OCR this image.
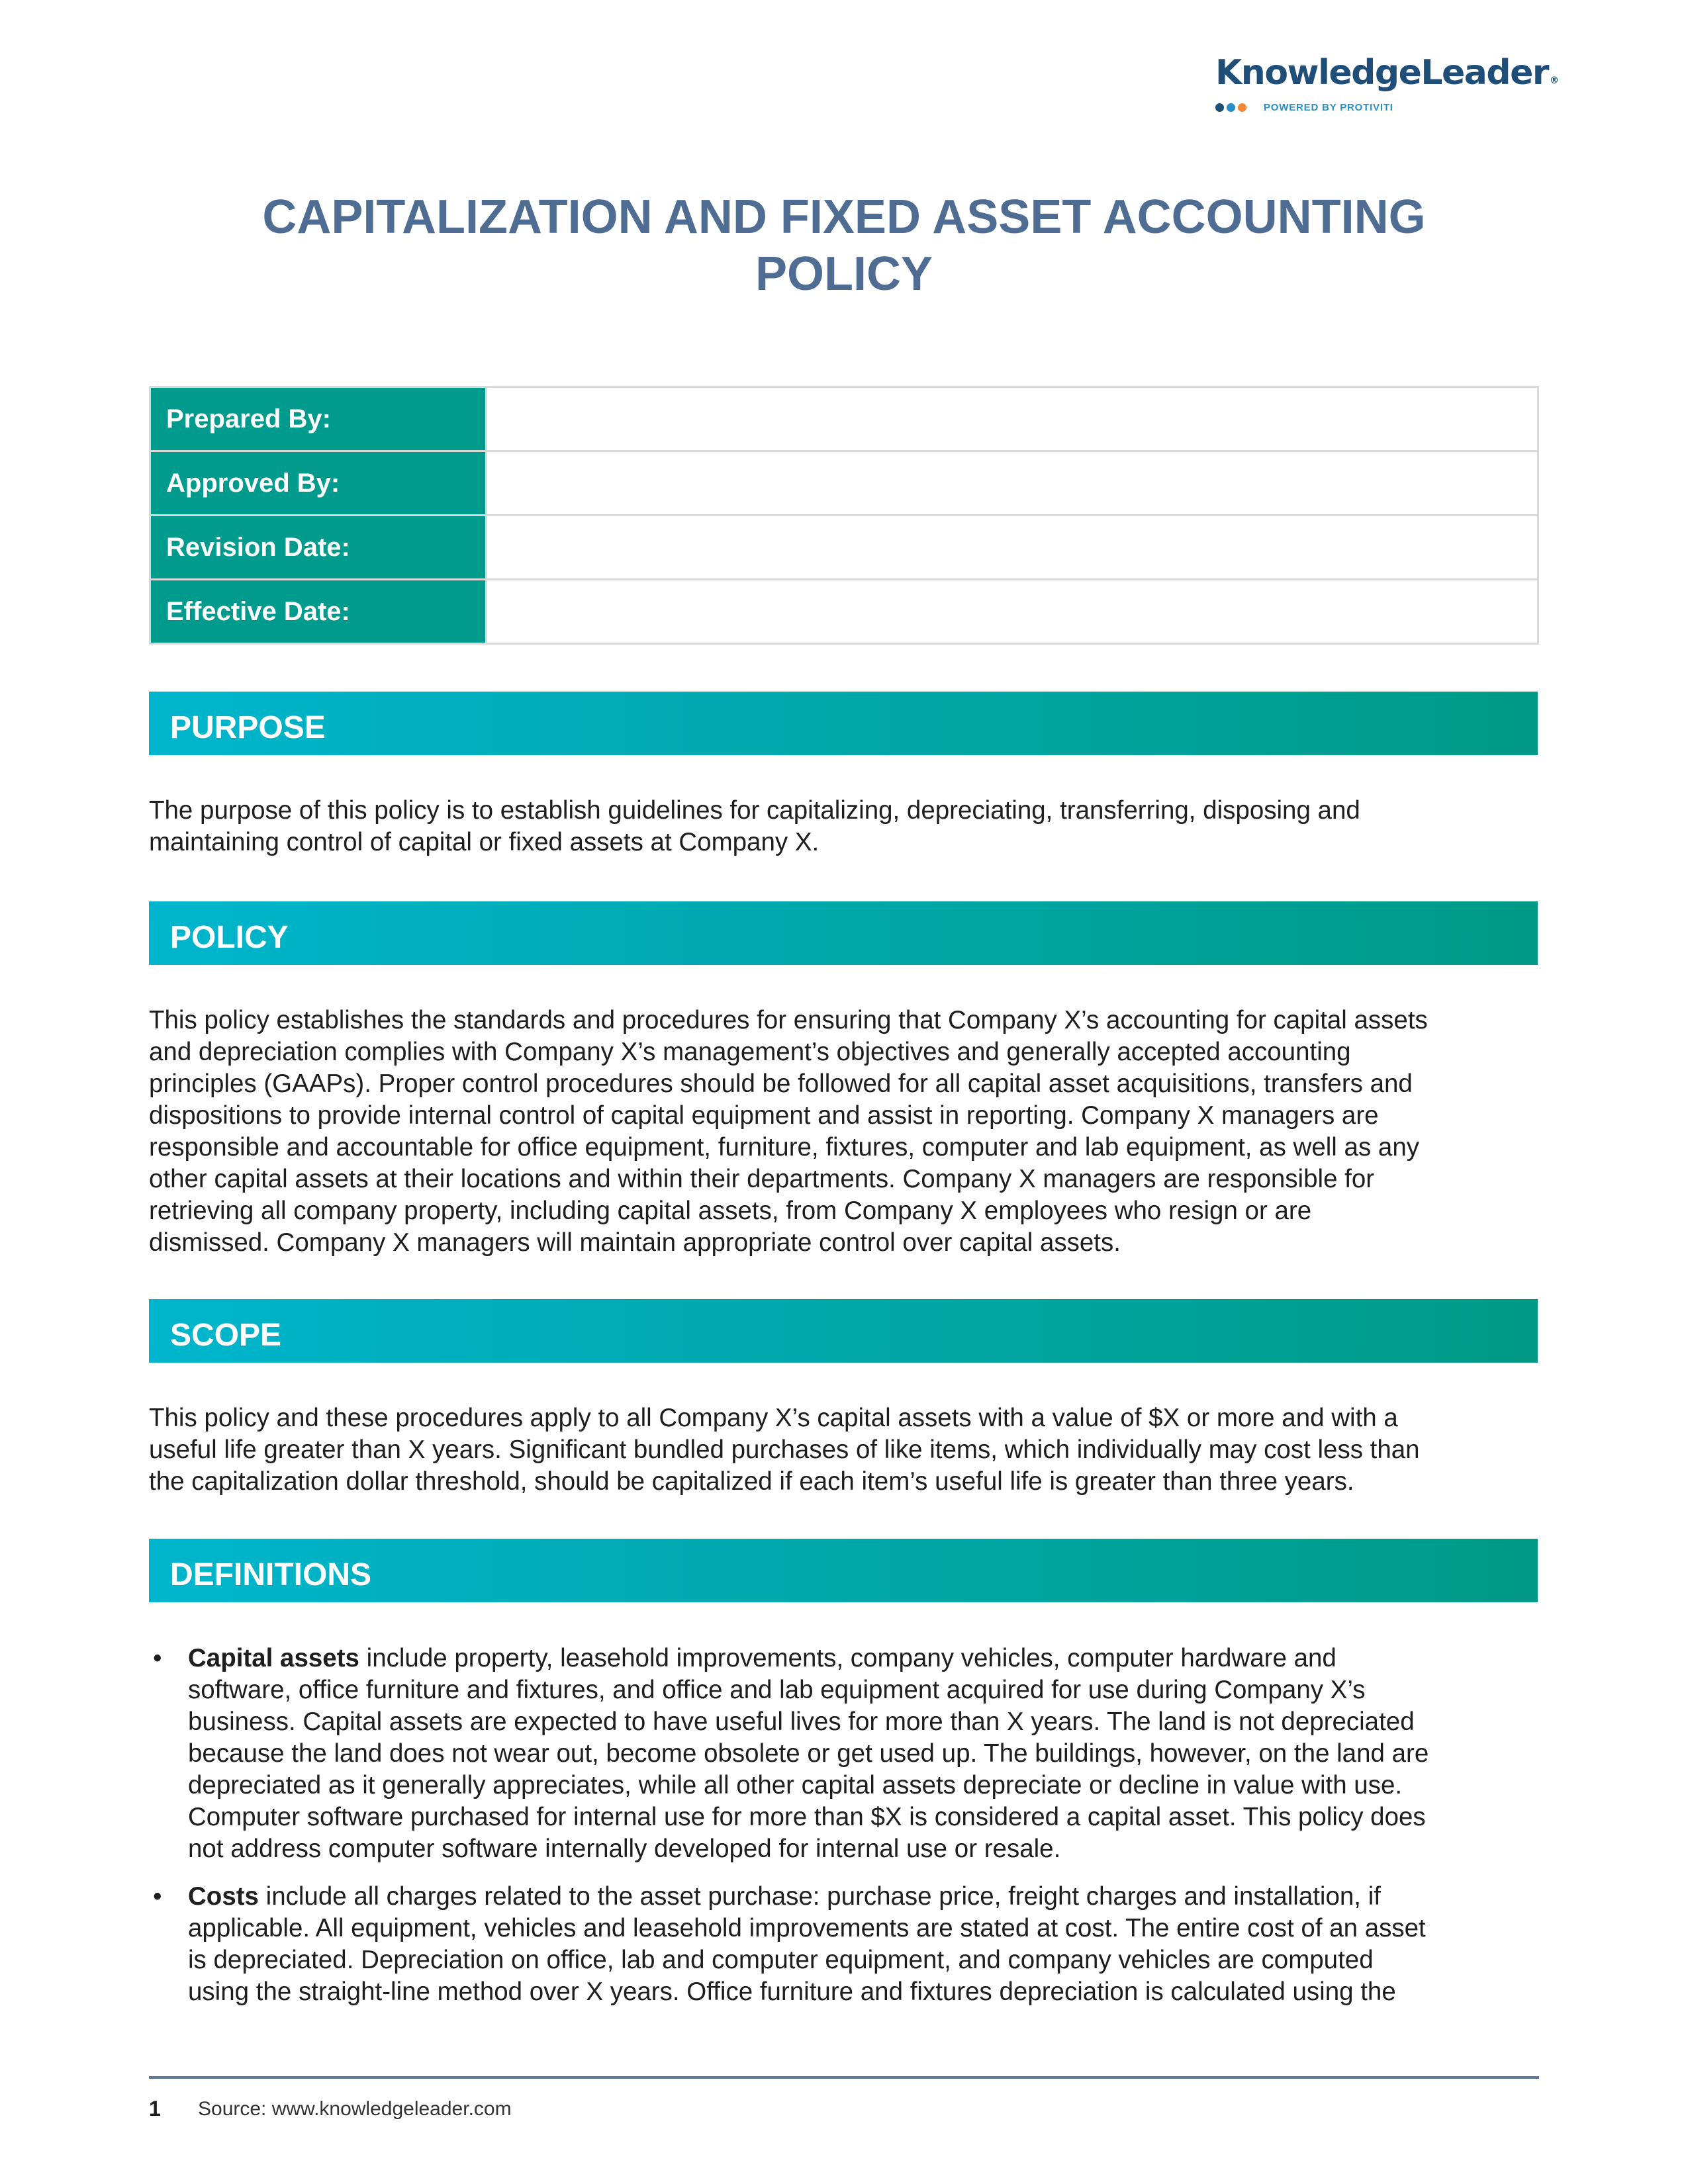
KnowledgeLeader ®
POWERED BY PROTIVITI
CAPITALIZATION AND FIXED ASSET ACCOUNTING
POLICY
Prepared By:	
Approved By:	
Revision Date:	
Effective Date:	
PURPOSE
The purpose of this policy is to establish guidelines for capitalizing, depreciating, transferring, disposing and
maintaining control of capital or fixed assets at Company X.
POLICY
This policy establishes the standards and procedures for ensuring that Company X’s accounting for capital assets
and depreciation complies with Company X’s management’s objectives and generally accepted accounting
principles (GAAPs). Proper control procedures should be followed for all capital asset acquisitions, transfers and
dispositions to provide internal control of capital equipment and assist in reporting. Company X managers are
responsible and accountable for office equipment, furniture, fixtures, computer and lab equipment, as well as any
other capital assets at their locations and within their departments. Company X managers are responsible for
retrieving all company property, including capital assets, from Company X employees who resign or are
dismissed. Company X managers will maintain appropriate control over capital assets.
SCOPE
This policy and these procedures apply to all Company X’s capital assets with a value of $X or more and with a
useful life greater than X years. Significant bundled purchases of like items, which individually may cost less than
the capitalization dollar threshold, should be capitalized if each item’s useful life is greater than three years.
DEFINITIONS
• Capital assets include property, leasehold improvements, company vehicles, computer hardware and
software, office furniture and fixtures, and office and lab equipment acquired for use during Company X’s
business. Capital assets are expected to have useful lives for more than X years. The land is not depreciated
because the land does not wear out, become obsolete or get used up. The buildings, however, on the land are
depreciated as it generally appreciates, while all other capital assets depreciate or decline in value with use.
Computer software purchased for internal use for more than $X is considered a capital asset. This policy does
not address computer software internally developed for internal use or resale.
• Costs include all charges related to the asset purchase: purchase price, freight charges and installation, if
applicable. All equipment, vehicles and leasehold improvements are stated at cost. The entire cost of an asset
is depreciated. Depreciation on office, lab and computer equipment, and company vehicles are computed
using the straight-line method over X years. Office furniture and fixtures depreciation is calculated using the
1 Source: www.knowledgeleader.com
